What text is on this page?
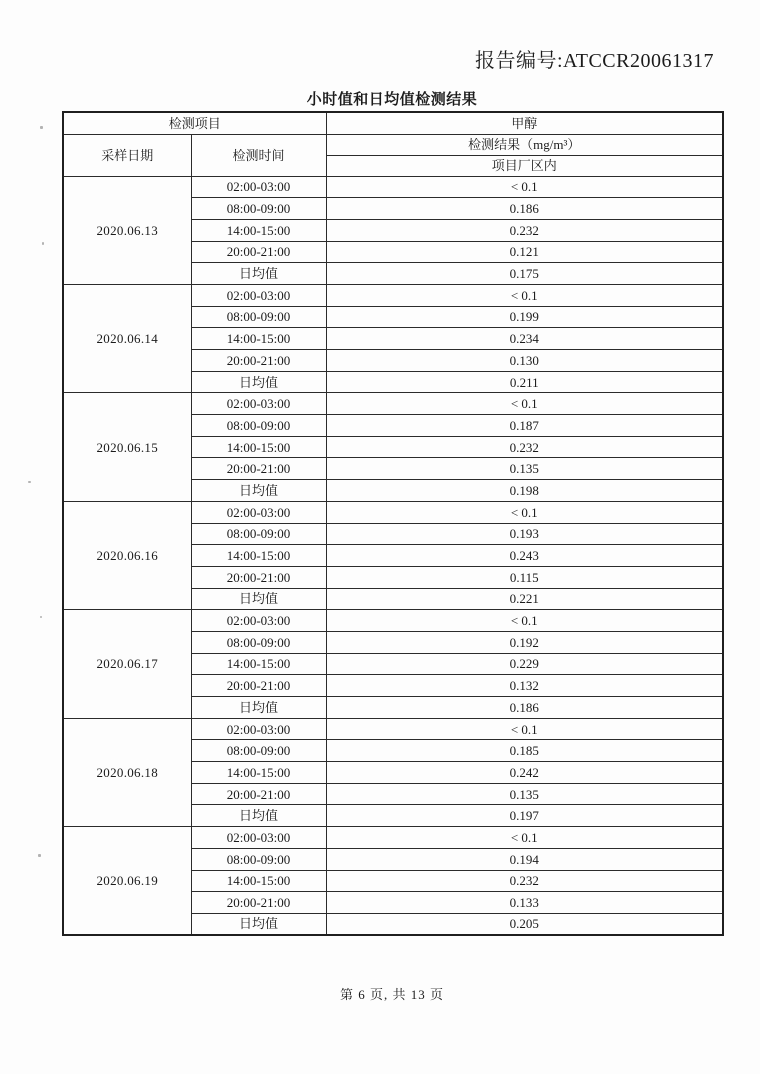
报告编号:ATCCR20061317
小时值和日均值检测结果
检测项目		甲醇
采样日期	检测时间	检测结果（mg/m³）
		项目厂区内
2020.06.13	02:00-03:00	< 0.1
	08:00-09:00	0.186
	14:00-15:00	0.232
	20:00-21:00	0.121
	日均值	0.175
2020.06.14	02:00-03:00	< 0.1
	08:00-09:00	0.199
	14:00-15:00	0.234
	20:00-21:00	0.130
	日均值	0.211
2020.06.15	02:00-03:00	< 0.1
	08:00-09:00	0.187
	14:00-15:00	0.232
	20:00-21:00	0.135
	日均值	0.198
2020.06.16	02:00-03:00	< 0.1
	08:00-09:00	0.193
	14:00-15:00	0.243
	20:00-21:00	0.115
	日均值	0.221
2020.06.17	02:00-03:00	< 0.1
	08:00-09:00	0.192
	14:00-15:00	0.229
	20:00-21:00	0.132
	日均值	0.186
2020.06.18	02:00-03:00	< 0.1
	08:00-09:00	0.185
	14:00-15:00	0.242
	20:00-21:00	0.135
	日均值	0.197
2020.06.19	02:00-03:00	< 0.1
	08:00-09:00	0.194
	14:00-15:00	0.232
	20:00-21:00	0.133
	日均值	0.205
第 6 页, 共 13 页
